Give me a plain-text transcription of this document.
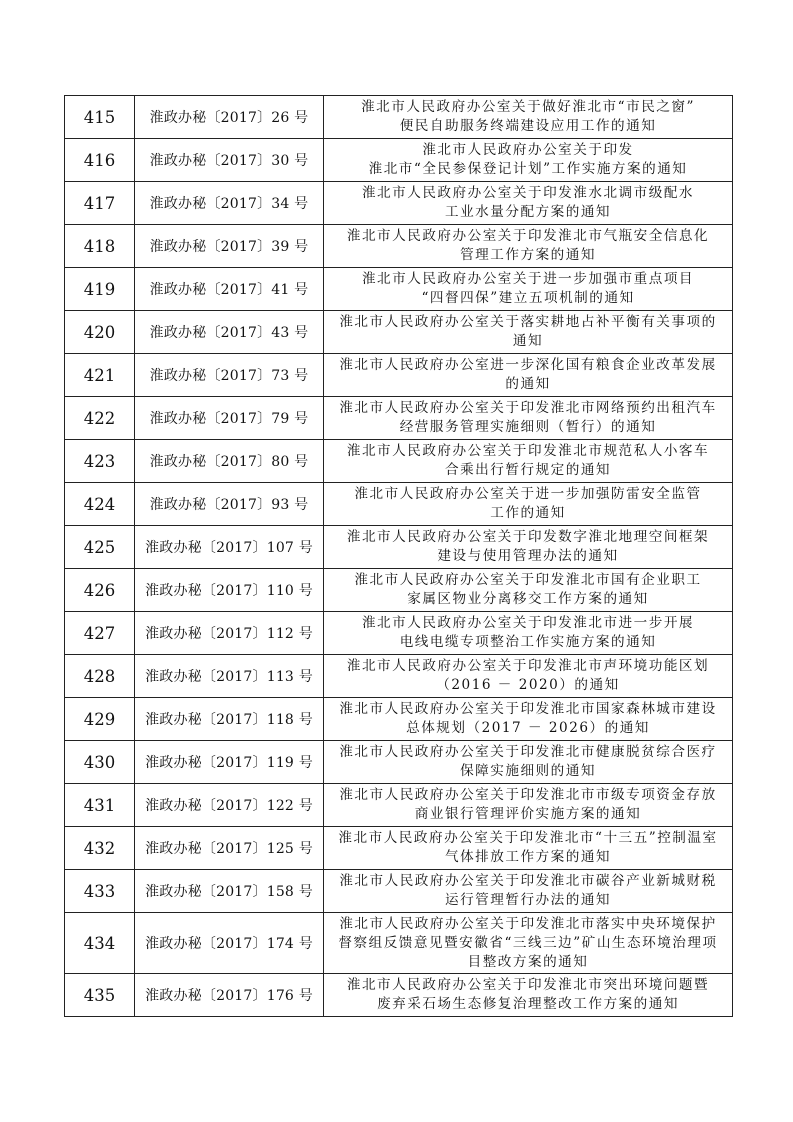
415	淮政办秘〔2017〕26 号	淮北市人民政府办公室关于做好淮北市“市民之窗”
便民自助服务终端建设应用工作的通知

416	淮政办秘〔2017〕30 号	淮北市人民政府办公室关于印发
淮北市“全民参保登记计划”工作实施方案的通知

417	淮政办秘〔2017〕34 号	淮北市人民政府办公室关于印发淮水北调市级配水
工业水量分配方案的通知

418	淮政办秘〔2017〕39 号	淮北市人民政府办公室关于印发淮北市气瓶安全信息化
管理工作方案的通知

419	淮政办秘〔2017〕41 号	淮北市人民政府办公室关于进一步加强市重点项目
“四督四保”建立五项机制的通知

420	淮政办秘〔2017〕43 号	淮北市人民政府办公室关于落实耕地占补平衡有关事项的
通知

421	淮政办秘〔2017〕73 号	淮北市人民政府办公室进一步深化国有粮食企业改革发展
的通知

422	淮政办秘〔2017〕79 号	淮北市人民政府办公室关于印发淮北市网络预约出租汽车
经营服务管理实施细则（暂行）的通知

423	淮政办秘〔2017〕80 号	淮北市人民政府办公室关于印发淮北市规范私人小客车
合乘出行暂行规定的通知

424	淮政办秘〔2017〕93 号	淮北市人民政府办公室关于进一步加强防雷安全监管
工作的通知

425	淮政办秘〔2017〕107 号	淮北市人民政府办公室关于印发数字淮北地理空间框架
建设与使用管理办法的通知

426	淮政办秘〔2017〕110 号	淮北市人民政府办公室关于印发淮北市国有企业职工
家属区物业分离移交工作方案的通知

427	淮政办秘〔2017〕112 号	淮北市人民政府办公室关于印发淮北市进一步开展
电线电缆专项整治工作实施方案的通知

428	淮政办秘〔2017〕113 号	淮北市人民政府办公室关于印发淮北市声环境功能区划
（2016 － 2020）的通知

429	淮政办秘〔2017〕118 号	淮北市人民政府办公室关于印发淮北市国家森林城市建设
总体规划（2017 － 2026）的通知

430	淮政办秘〔2017〕119 号	淮北市人民政府办公室关于印发淮北市健康脱贫综合医疗
保障实施细则的通知

431	淮政办秘〔2017〕122 号	淮北市人民政府办公室关于印发淮北市市级专项资金存放
商业银行管理评价实施方案的通知

432	淮政办秘〔2017〕125 号	淮北市人民政府办公室关于印发淮北市“十三五”控制温室
气体排放工作方案的通知

433	淮政办秘〔2017〕158 号	淮北市人民政府办公室关于印发淮北市碳谷产业新城财税
运行管理暂行办法的通知

434	淮政办秘〔2017〕174 号	淮北市人民政府办公室关于印发淮北市落实中央环境保护
督察组反馈意见暨安徽省“三线三边”矿山生态环境治理项
目整改方案的通知

435	淮政办秘〔2017〕176 号	淮北市人民政府办公室关于印发淮北市突出环境问题暨
废弃采石场生态修复治理整改工作方案的通知
